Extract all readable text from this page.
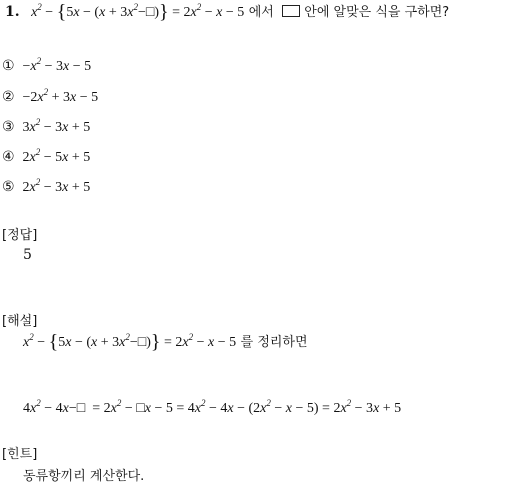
1.   $x^2 - \{5x - (x$ + $3x^2-□)\} = 2x^2 - x - 5$ 에서 안에 알맞은 식을 구하면?
① $-x^2 - 3x - 5$
② $-2x^2 + 3x - 5$
③ $3x^2 - 3x + 5$
④ $2x^2 - 5x + 5$
⑤ $2x^2 - 3x + 5$
[정답]
5
[해설]
$x^2 - \{5x - (x$ + $3x^2-□)\} = 2x^2 - x - 5$ 를 정리하면
$4x^2$ − 4x−□  = $2x^2$ − □x − $5 = 4x^2 - 4x - (2x^2 - x - 5) = 2x^2 - 3x + 5$
[힌트]
동류항끼리 계산한다.
